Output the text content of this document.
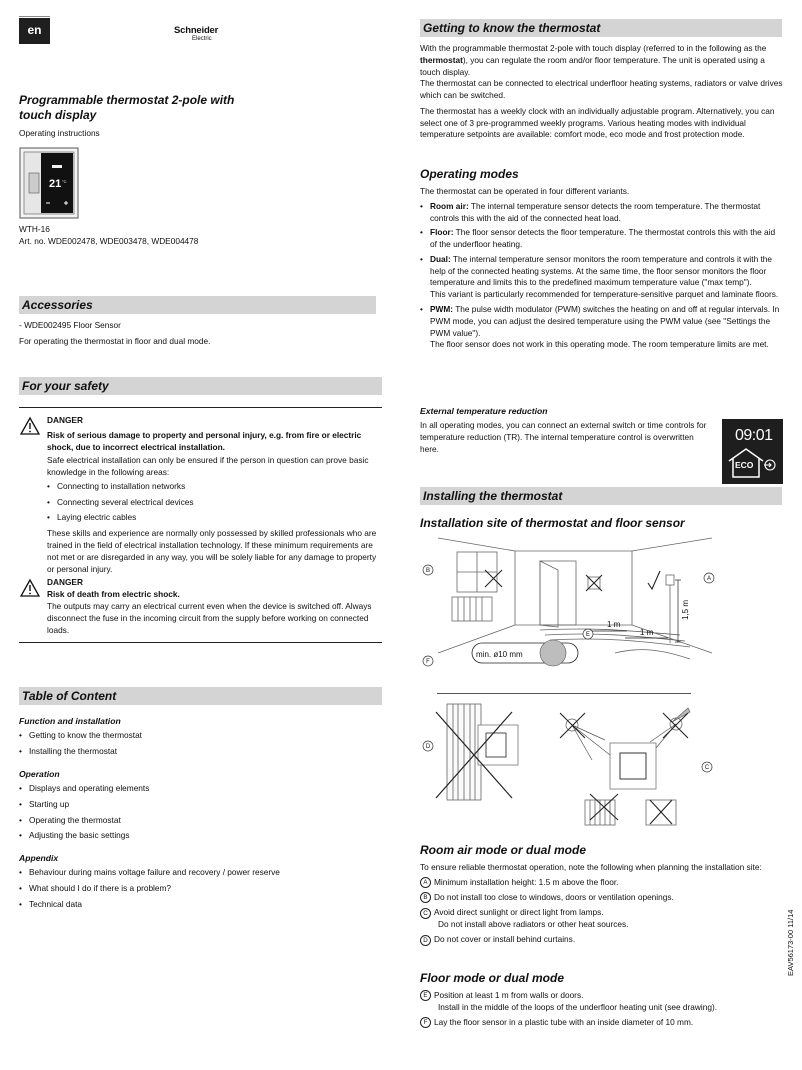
en	Schneider
Electric
Programmable thermostat 2-pole with
touch display

Operating instructions

21 °C

WTH-16

Art. no. WDE002478, WDE003478, WDE004478

Accessories

- WDE002495 Floor Sensor

For operating the thermostat in floor and dual mode.

For your safety

DANGER

Risk of serious damage to property and personal injury, e.g. from fire or electric shock, due to incorrect electrical installation.

Safe electrical installation can only be ensured if the person in question can prove basic knowledge in the following areas:

• Connecting to installation networks
• Connecting several electrical devices
• Laying electric cables

These skills and experience are normally only possessed by skilled professionals who are trained in the field of electrical installation technology. If these minimum requirements are not met or are disregarded in any way, you will be solely liable for any damage to property or personal injury.

DANGER

Risk of death from electric shock.

The outputs may carry an electrical current even when the device is switched off. Always disconnect the fuse in the incoming circuit from the supply before working on connected loads.

Table of Content

Function and installation

• Getting to know the thermostat
• Installing the thermostat

Operation

• Displays and operating elements
• Starting up
• Operating the thermostat
• Adjusting the basic settings

Appendix

• Behaviour during mains voltage failure and recovery / power reserve
• What should I do if there is a problem?
• Technical data
Getting to know the thermostat

With the programmable thermostat 2-pole with touch display (referred to in the following as the thermostat), you can regulate the room and/or floor temperature. The unit is operated using a touch display.

The thermostat can be connected to electrical underfloor heating systems, radiators or valve drives which can be switched.

The thermostat has a weekly clock with an individually adjustable program. Alternatively, you can select one of 3 pre-programmed weekly programs. Various heating modes with individual temperature setpoints are available: comfort mode, eco mode and frost protection mode.

Operating modes

The thermostat can be operated in four different variants.

• Room air: The internal temperature sensor detects the room temperature. The thermostat controls this with the aid of the connected heat load.
• Floor: The floor sensor detects the floor temperature. The thermostat controls this with the aid of the underfloor heating.
• Dual: The internal temperature sensor monitors the room temperature and controls it with the help of the connected heating systems. At the same time, the floor sensor monitors the floor temperature and limits this to the predefined maximum temperature value ("max temp").
This variant is particularly recommended for temperature-sensitive parquet and laminate floors.
• PWM: The pulse width modulator (PWM) switches the heating on and off at regular intervals. In PWM mode, you can adjust the desired temperature using the PWM value (see "Settings the PWM value").
The floor sensor does not work in this operating mode. The room temperature limits are met.

External temperature reduction

In all operating modes, you can connect an external switch or time controls for temperature reduction (TR). The internal temperature control is overwritten here.

09:01
ECO
Installing the thermostat
Installation site of thermostat and floor sensor
1 m
1 m
1,5 m
min. ø10 mm
B
A
E
F
D
C
Room air mode or dual mode

To ensure reliable thermostat operation, note the following when planning the installation site:

A Minimum installation height: 1.5 m above the floor.
B Do not install too close to windows, doors or ventilation openings.
C Avoid direct sunlight or direct light from lamps.
Do not install above radiators or other heat sources.
D Do not cover or install behind curtains.
Floor mode or dual mode
E Position at least 1 m from walls or doors.
Install in the middle of the loops of the underfloor heating unit (see drawing).
F Lay the floor sensor in a plastic tube with an inside diameter of 10 mm.
EAV56173-00 11/14
